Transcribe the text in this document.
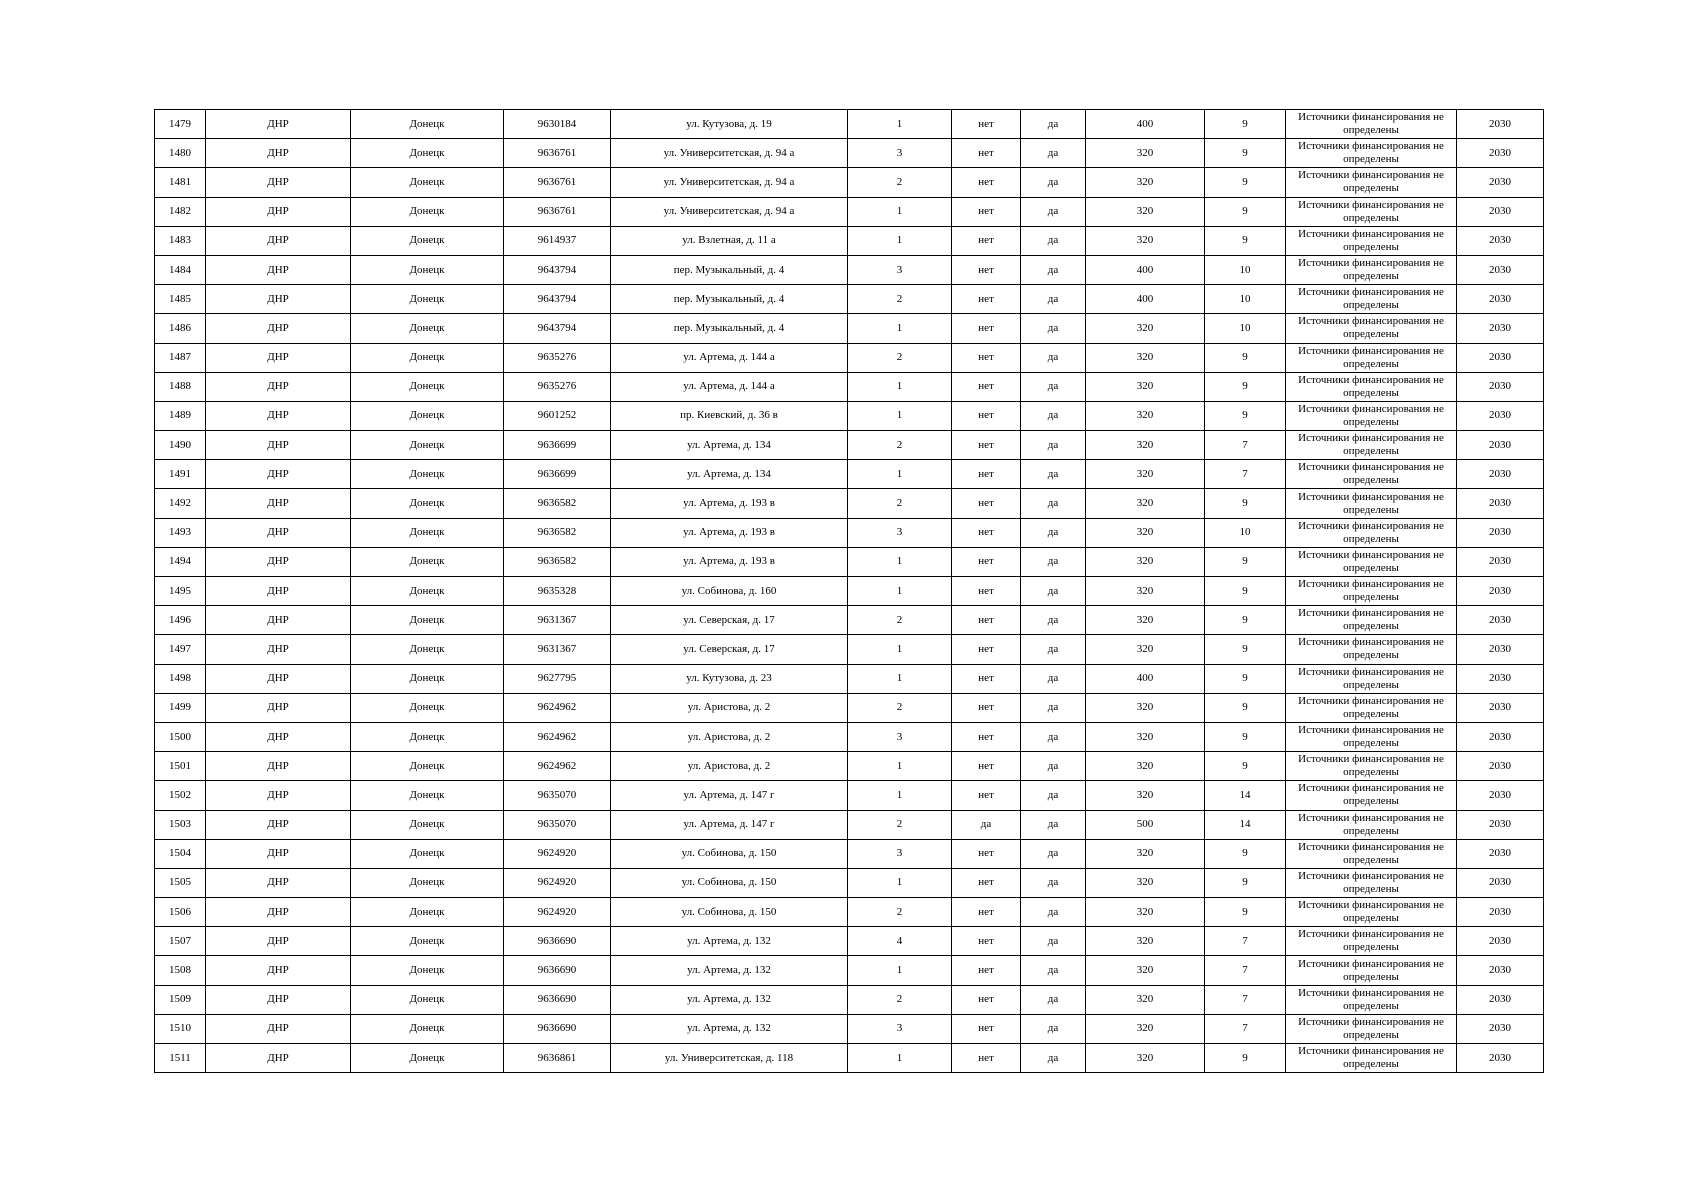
1479	ДНР	Донецк	9630184	ул. Кутузова, д. 19	1	нет	да	400	9	Источники финансирования не определены	2030
1480	ДНР	Донецк	9636761	ул. Университетская, д. 94 а	3	нет	да	320	9	Источники финансирования не определены	2030
1481	ДНР	Донецк	9636761	ул. Университетская, д. 94 а	2	нет	да	320	9	Источники финансирования не определены	2030
1482	ДНР	Донецк	9636761	ул. Университетская, д. 94 а	1	нет	да	320	9	Источники финансирования не определены	2030
1483	ДНР	Донецк	9614937	ул. Взлетная, д. 11 а	1	нет	да	320	9	Источники финансирования не определены	2030
1484	ДНР	Донецк	9643794	пер. Музыкальный, д. 4	3	нет	да	400	10	Источники финансирования не определены	2030
1485	ДНР	Донецк	9643794	пер. Музыкальный, д. 4	2	нет	да	400	10	Источники финансирования не определены	2030
1486	ДНР	Донецк	9643794	пер. Музыкальный, д. 4	1	нет	да	320	10	Источники финансирования не определены	2030
1487	ДНР	Донецк	9635276	ул. Артема, д. 144 а	2	нет	да	320	9	Источники финансирования не определены	2030
1488	ДНР	Донецк	9635276	ул. Артема, д. 144 а	1	нет	да	320	9	Источники финансирования не определены	2030
1489	ДНР	Донецк	9601252	пр. Киевский, д. 36 в	1	нет	да	320	9	Источники финансирования не определены	2030
1490	ДНР	Донецк	9636699	ул. Артема, д. 134	2	нет	да	320	7	Источники финансирования не определены	2030
1491	ДНР	Донецк	9636699	ул. Артема, д. 134	1	нет	да	320	7	Источники финансирования не определены	2030
1492	ДНР	Донецк	9636582	ул. Артема, д. 193 в	2	нет	да	320	9	Источники финансирования не определены	2030
1493	ДНР	Донецк	9636582	ул. Артема, д. 193 в	3	нет	да	320	10	Источники финансирования не определены	2030
1494	ДНР	Донецк	9636582	ул. Артема, д. 193 в	1	нет	да	320	9	Источники финансирования не определены	2030
1495	ДНР	Донецк	9635328	ул. Собинова, д. 160	1	нет	да	320	9	Источники финансирования не определены	2030
1496	ДНР	Донецк	9631367	ул. Северская, д. 17	2	нет	да	320	9	Источники финансирования не определены	2030
1497	ДНР	Донецк	9631367	ул. Северская, д. 17	1	нет	да	320	9	Источники финансирования не определены	2030
1498	ДНР	Донецк	9627795	ул. Кутузова, д. 23	1	нет	да	400	9	Источники финансирования не определены	2030
1499	ДНР	Донецк	9624962	ул. Аристова, д. 2	2	нет	да	320	9	Источники финансирования не определены	2030
1500	ДНР	Донецк	9624962	ул. Аристова, д. 2	3	нет	да	320	9	Источники финансирования не определены	2030
1501	ДНР	Донецк	9624962	ул. Аристова, д. 2	1	нет	да	320	9	Источники финансирования не определены	2030
1502	ДНР	Донецк	9635070	ул. Артема, д. 147 г	1	нет	да	320	14	Источники финансирования не определены	2030
1503	ДНР	Донецк	9635070	ул. Артема, д. 147 г	2	да	да	500	14	Источники финансирования не определены	2030
1504	ДНР	Донецк	9624920	ул. Собинова, д. 150	3	нет	да	320	9	Источники финансирования не определены	2030
1505	ДНР	Донецк	9624920	ул. Собинова, д. 150	1	нет	да	320	9	Источники финансирования не определены	2030
1506	ДНР	Донецк	9624920	ул. Собинова, д. 150	2	нет	да	320	9	Источники финансирования не определены	2030
1507	ДНР	Донецк	9636690	ул. Артема, д. 132	4	нет	да	320	7	Источники финансирования не определены	2030
1508	ДНР	Донецк	9636690	ул. Артема, д. 132	1	нет	да	320	7	Источники финансирования не определены	2030
1509	ДНР	Донецк	9636690	ул. Артема, д. 132	2	нет	да	320	7	Источники финансирования не определены	2030
1510	ДНР	Донецк	9636690	ул. Артема, д. 132	3	нет	да	320	7	Источники финансирования не определены	2030
1511	ДНР	Донецк	9636861	ул. Университетская, д. 118	1	нет	да	320	9	Источники финансирования не определены	2030
